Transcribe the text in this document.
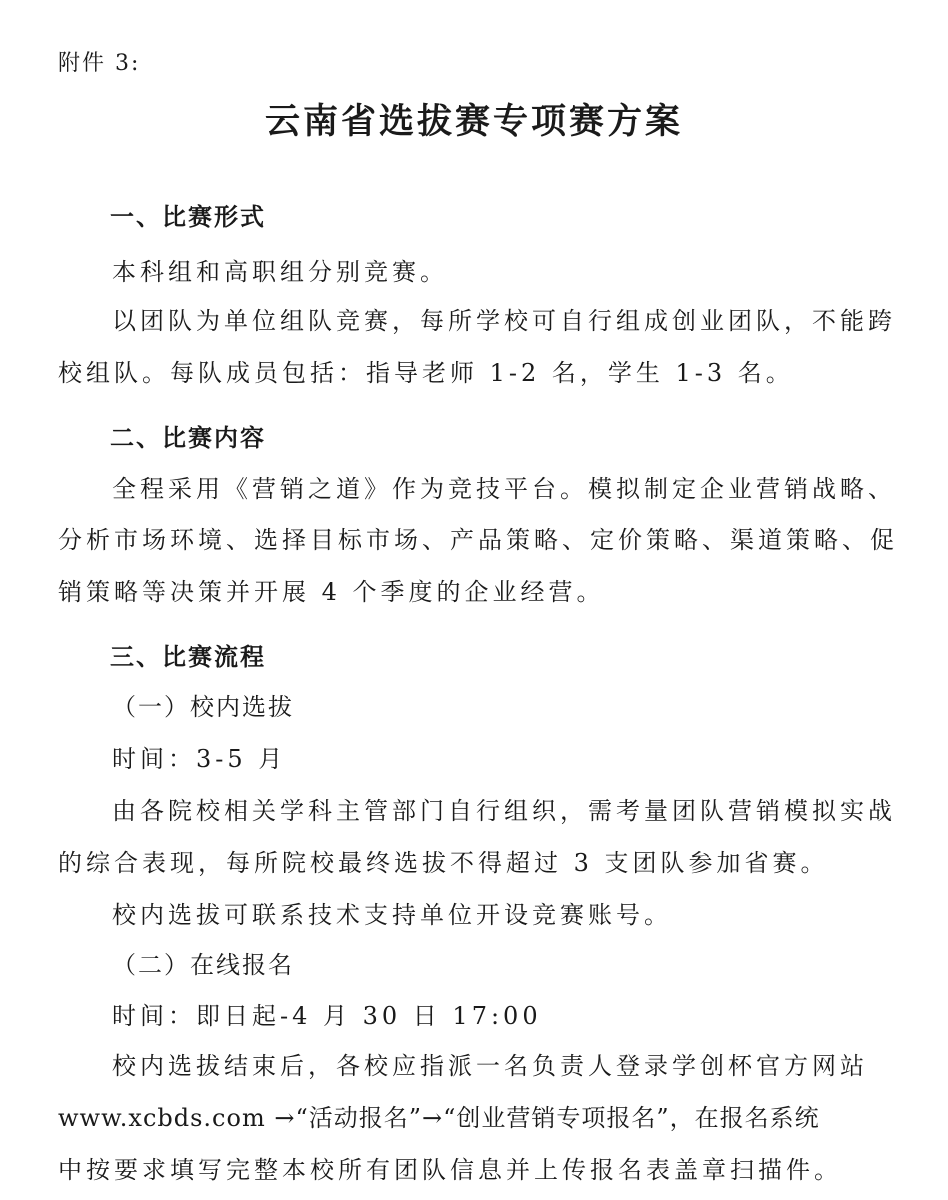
附件 3:
云南省选拔赛专项赛方案
一、比赛形式
本科组和高职组分别竞赛。
以团队为单位组队竞赛，每所学校可自行组成创业团队，不能跨
校组队。每队成员包括：指导老师 1-2 名，学生 1-3 名。
二、比赛内容
全程采用《营销之道》作为竞技平台。模拟制定企业营销战略、
分析市场环境、选择目标市场、产品策略、定价策略、渠道策略、促
销策略等决策并开展 4 个季度的企业经营。
三、比赛流程
（一）校内选拔
时间：3-5 月
由各院校相关学科主管部门自行组织，需考量团队营销模拟实战
的综合表现，每所院校最终选拔不得超过 3 支团队参加省赛。
校内选拔可联系技术支持单位开设竞赛账号。
（二）在线报名
时间：即日起-4 月 30 日 17:00
校内选拔结束后，各校应指派一名负责人登录学创杯官方网站
www.xcbds.com →“活动报名”→“创业营销专项报名”，在报名系统
中按要求填写完整本校所有团队信息并上传报名表盖章扫描件。
